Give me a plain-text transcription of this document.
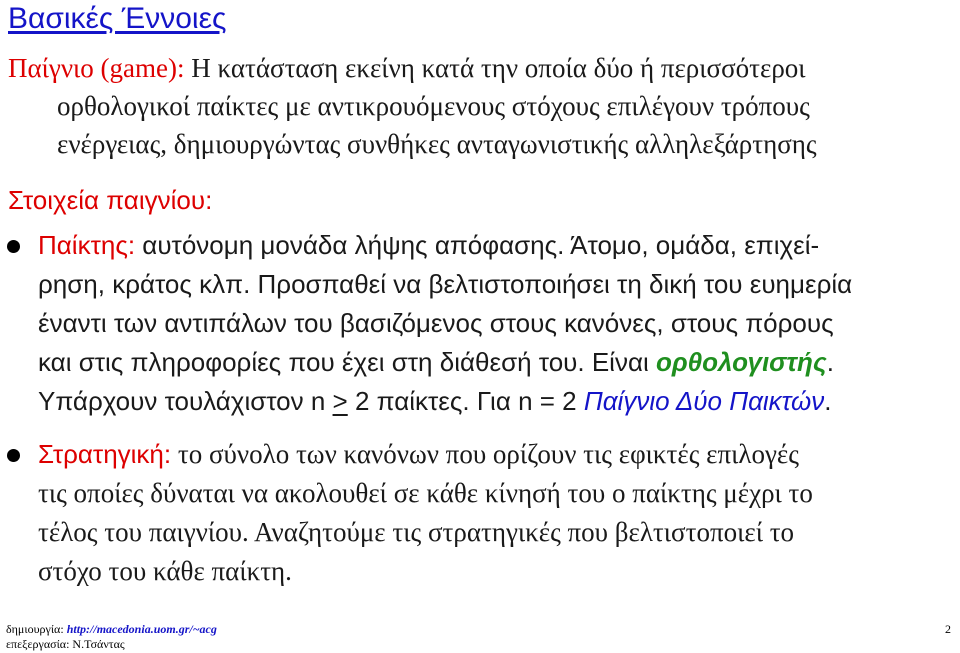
Βασικές Έννοιες
Παίγνιο (game): Η κατάσταση εκείνη κατά την οποία δύο ή περισσότεροι
ορθολογικοί παίκτες με αντικρουόμενους στόχους επιλέγουν τρόπους
ενέργειας, δημιουργώντας συνθήκες ανταγωνιστικής αλληλεξάρτησης
Στοιχεία παιγνίου:
Παίκτης: αυτόνομη μονάδα λήψης απόφασης. Άτομο, ομάδα, επιχεί-
ρηση, κράτος κλπ. Προσπαθεί να βελτιστοποιήσει τη δική του ευημερία
έναντι των αντιπάλων του βασιζόμενος στους κανόνες, στους πόρους
και στις πληροφορίες που έχει στη διάθεσή του. Είναι ορθολογιστής.
Υπάρχουν τουλάχιστον n ≥ 2 παίκτες. Για n = 2 Παίγνιο Δύο Παικτών.
Στρατηγική: το σύνολο των κανόνων που ορίζουν τις εφικτές επιλογές
τις οποίες δύναται να ακολουθεί σε κάθε κίνησή του ο παίκτης μέχρι το
τέλος του παιγνίου. Αναζητούμε τις στρατηγικές που βελτιστοποιεί το
στόχο του κάθε παίκτη.
δημιουργία: http://macedonia.uom.gr/~acg
επεξεργασία: Ν.Τσάντας
2
